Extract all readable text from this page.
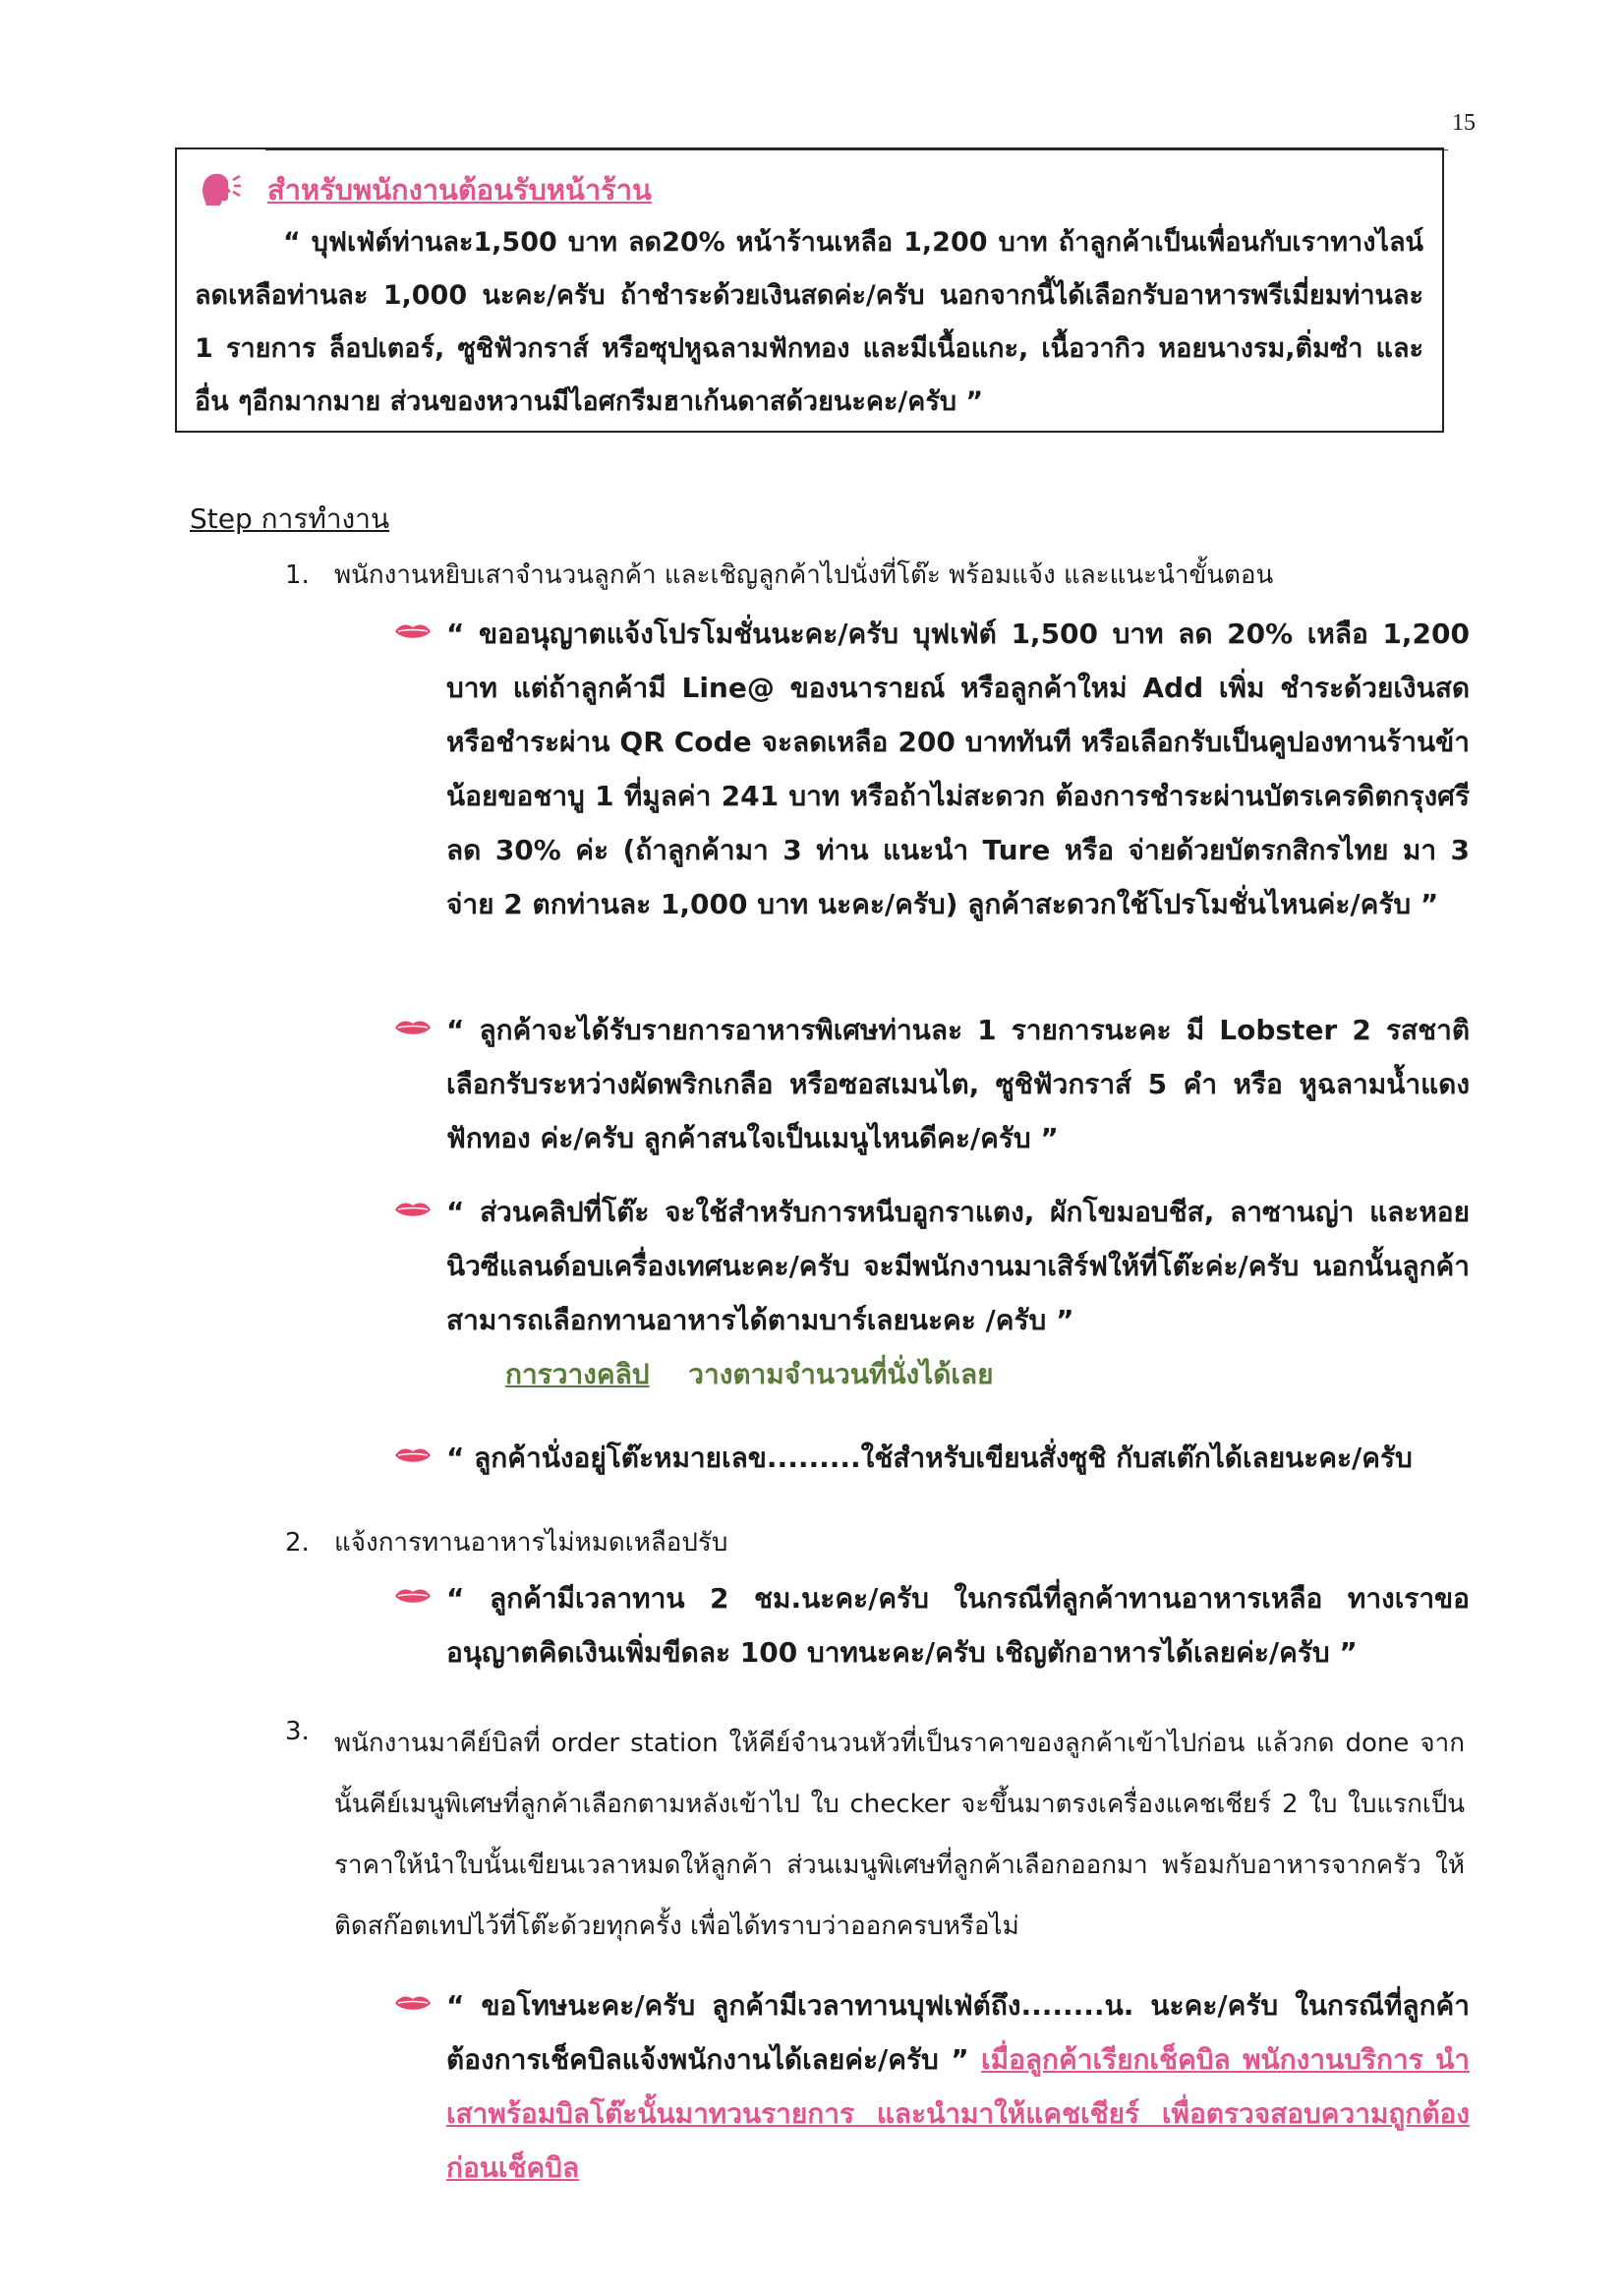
15
สำหรับพนักงานต้อนรับหน้าร้าน

“ บุฟเฟ่ต์ท่านละ1,500 บาท ลด20% หน้าร้านเหลือ 1,200 บาท ถ้าลูกค้าเป็นเพื่อนกับเราทางไลน์ลดเหลือท่านละ 1,000 นะคะ/ครับ ถ้าชำระด้วยเงินสดค่ะ/ครับ นอกจากนี้ได้เลือกรับอาหารพรีเมี่ยมท่านละ 1 รายการ ล็อปเตอร์, ซูชิฟัวกราส์ หรือซุปหูฉลามฟักทอง และมีเนื้อแกะ, เนื้อวากิว หอยนางรม,ติ่มซำ และอื่น ๆอีกมากมาย ส่วนของหวานมีไอศกรีมฮาเก้นดาสด้วยนะคะ/ครับ ”

Step การทำงาน
1. พนักงานหยิบเสาจำนวนลูกค้า และเชิญลูกค้าไปนั่งที่โต๊ะ พร้อมแจ้ง และแนะนำขั้นตอน
“ ขออนุญาตแจ้งโปรโมชั่นนะคะ/ครับ บุฟเฟ่ต์ 1,500 บาท ลด 20% เหลือ 1,200 บาท แต่ถ้าลูกค้ามี Line@ ของนารายณ์ หรือลูกค้าใหม่ Add เพิ่ม ชำระด้วยเงินสด หรือชำระผ่าน QR Code จะลดเหลือ 200 บาททันที หรือเลือกรับเป็นคูปองทานร้านข้าน้อยขอชาบู 1 ที่มูลค่า 241 บาท หรือถ้าไม่สะดวก ต้องการชำระผ่านบัตรเครดิตกรุงศรี ลด 30% ค่ะ (ถ้าลูกค้ามา 3 ท่าน แนะนำ Ture หรือ จ่ายด้วยบัตรกสิกรไทย มา 3 จ่าย 2 ตกท่านละ 1,000 บาท นะคะ/ครับ) ลูกค้าสะดวกใช้โปรโมชั่นไหนค่ะ/ครับ ”
“ ลูกค้าจะได้รับรายการอาหารพิเศษท่านละ 1 รายการนะคะ มี Lobster 2 รสชาติ เลือกรับระหว่างผัดพริกเกลือ หรือซอสเมนไต, ซูชิฟัวกราส์ 5 คำ หรือ หูฉลามน้ำแดงฟักทอง ค่ะ/ครับ ลูกค้าสนใจเป็นเมนูไหนดีคะ/ครับ ”
“ ส่วนคลิปที่โต๊ะ จะใช้สำหรับการหนีบอูกราแตง, ผักโขมอบชีส, ลาซานญ่า และหอยนิวซีแลนด์อบเครื่องเทศนะคะ/ครับ จะมีพนักงานมาเสิร์ฟให้ที่โต๊ะค่ะ/ครับ นอกนั้นลูกค้าสามารถเลือกทานอาหารได้ตามบาร์เลยนะคะ /ครับ ”
การวางคลิป วางตามจำนวนที่นั่งได้เลย
“ ลูกค้านั่งอยู่โต๊ะหมายเลข.........ใช้สำหรับเขียนสั่งซูชิ กับสเต๊กได้เลยนะคะ/ครับ
2. แจ้งการทานอาหารไม่หมดเหลือปรับ
“ ลูกค้ามีเวลาทาน 2 ชม.นะคะ/ครับ ในกรณีที่ลูกค้าทานอาหารเหลือ ทางเราขออนุญาตคิดเงินเพิ่มขีดละ 100 บาทนะคะ/ครับ เชิญตักอาหารได้เลยค่ะ/ครับ ”
3. พนักงานมาคีย์บิลที่ order station ให้คีย์จำนวนหัวที่เป็นราคาของลูกค้าเข้าไปก่อน แล้วกด done จากนั้นคีย์เมนูพิเศษที่ลูกค้าเลือกตามหลังเข้าไป ใบ checker จะขึ้นมาตรงเครื่องแคชเชียร์ 2 ใบ ใบแรกเป็นราคาให้นำใบนั้นเขียนเวลาหมดให้ลูกค้า ส่วนเมนูพิเศษที่ลูกค้าเลือกออกมา พร้อมกับอาหารจากครัว ให้ติดสก๊อตเทปไว้ที่โต๊ะด้วยทุกครั้ง เพื่อได้ทราบว่าออกครบหรือไม่
“ ขอโทษนะคะ/ครับ ลูกค้ามีเวลาทานบุฟเฟ่ต์ถึง........น. นะคะ/ครับ ในกรณีที่ลูกค้าต้องการเช็คบิลแจ้งพนักงานได้เลยค่ะ/ครับ ” เมื่อลูกค้าเรียกเช็คบิล พนักงานบริการ นำเสาพร้อมบิลโต๊ะนั้นมาทวนรายการ และนำมาให้แคชเชียร์ เพื่อตรวจสอบความถูกต้องก่อนเช็คบิล
